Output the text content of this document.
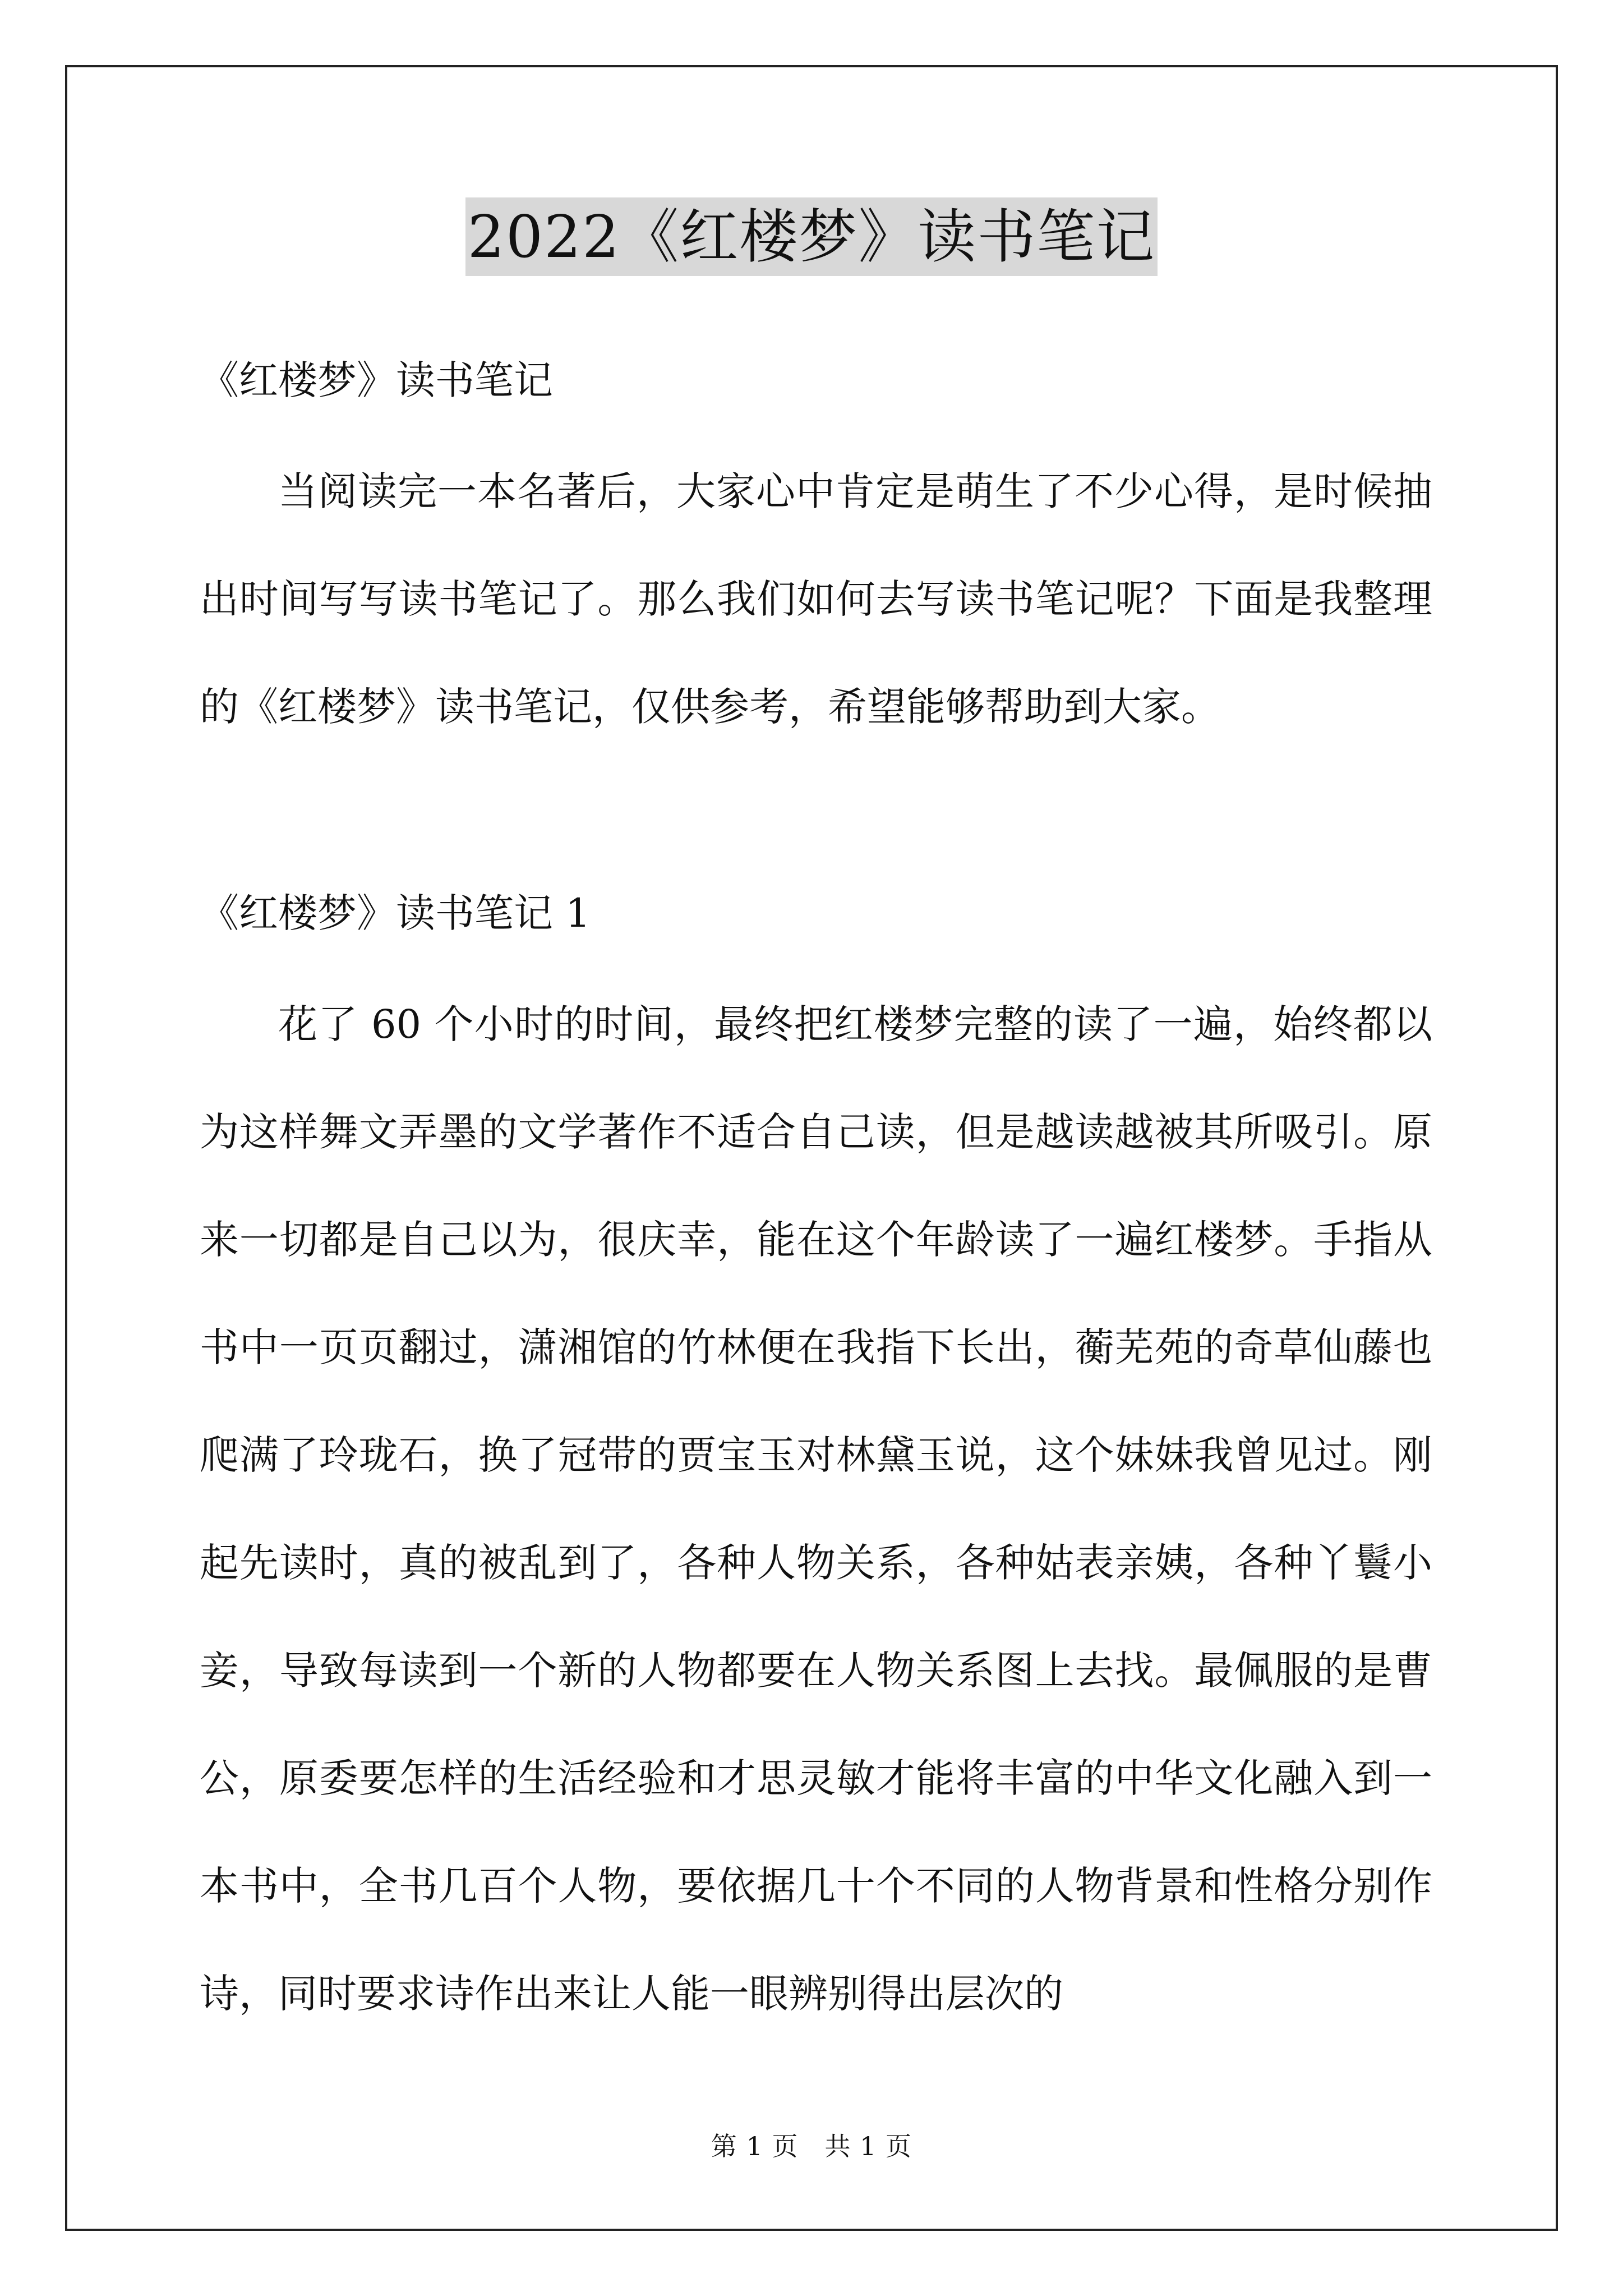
2022《红楼梦》读书笔记
《红楼梦》读书笔记

当阅读完一本名著后，大家心中肯定是萌生了不少心得，是时候抽出时间写写读书笔记了。那么我们如何去写读书笔记呢？下面是我整理的《红楼梦》读书笔记，仅供参考，希望能够帮助到大家。

《红楼梦》读书笔记 1

花了 60 个小时的时间，最终把红楼梦完整的读了一遍，始终都以为这样舞文弄墨的文学著作不适合自己读，但是越读越被其所吸引。原来一切都是自己以为，很庆幸，能在这个年龄读了一遍红楼梦。手指从书中一页页翻过，潇湘馆的竹林便在我指下长出，蘅芜苑的奇草仙藤也爬满了玲珑石，换了冠带的贾宝玉对林黛玉说，这个妹妹我曾见过。刚起先读时，真的被乱到了，各种人物关系，各种姑表亲姨，各种丫鬟小妾，导致每读到一个新的人物都要在人物关系图上去找。最佩服的是曹公，原委要怎样的生活经验和才思灵敏才能将丰富的中华文化融入到一本书中，全书几百个人物，要依据几十个不同的人物背景和性格分别作诗，同时要求诗作出来让人能一眼辨别得出层次的

第 1 页　共 1 页
